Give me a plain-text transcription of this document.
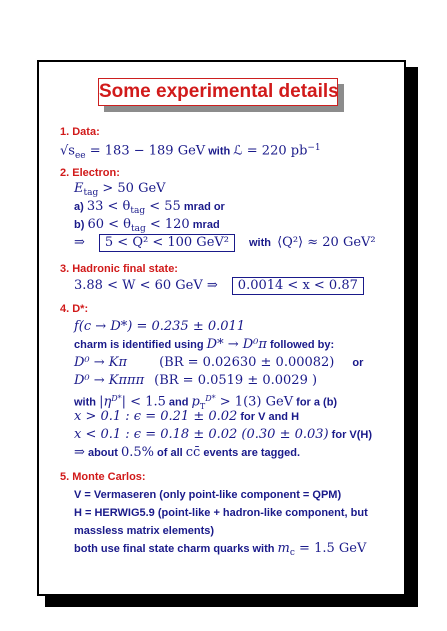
Some experimental details
1. Data:
$√s_{ee} = 183 - 189$ GeV with ℒ = 220 $pb^{-1}$
2. Electron:
$E_{tag} > 50$ GeV
a) $33 < \theta_{tag} < 55$ mrad or
b) $60 < \theta_{tag} < 120$ mrad
⇒ 5 < Q² < 100 GeV² with ⟨Q²⟩ ≈ 20 GeV²
3. Hadronic final state:
3.88 < W < 60 GeV ⇒ 0.0014 < x < 0.87
4. D*:
f(c → D*) = 0.235 ± 0.011
charm is identified using D* → D⁰π followed by:
D⁰ → Kπ (BR = 0.02630 ± 0.00082) or
D⁰ → Kπππ (BR = 0.0519 ± 0.0029 )
with $|\eta^{D*}| < 1.5$ and $p_T^{D*} > 1(3)$ GeV for a (b)
x > 0.1 : ϵ = 0.21 ± 0.02 for V and H
x < 0.1 : ϵ = 0.18 ± 0.02 (0.30 ± 0.03) for V(H)
⇒ about 0.5% of all cc̄ events are tagged.
5. Monte Carlos:
V = Vermaseren (only point-like component = QPM)
H = HERWIG5.9 (point-like + hadron-like component, but
massless matrix elements)
both use final state charm quarks with $m_c = 1.5$ GeV
